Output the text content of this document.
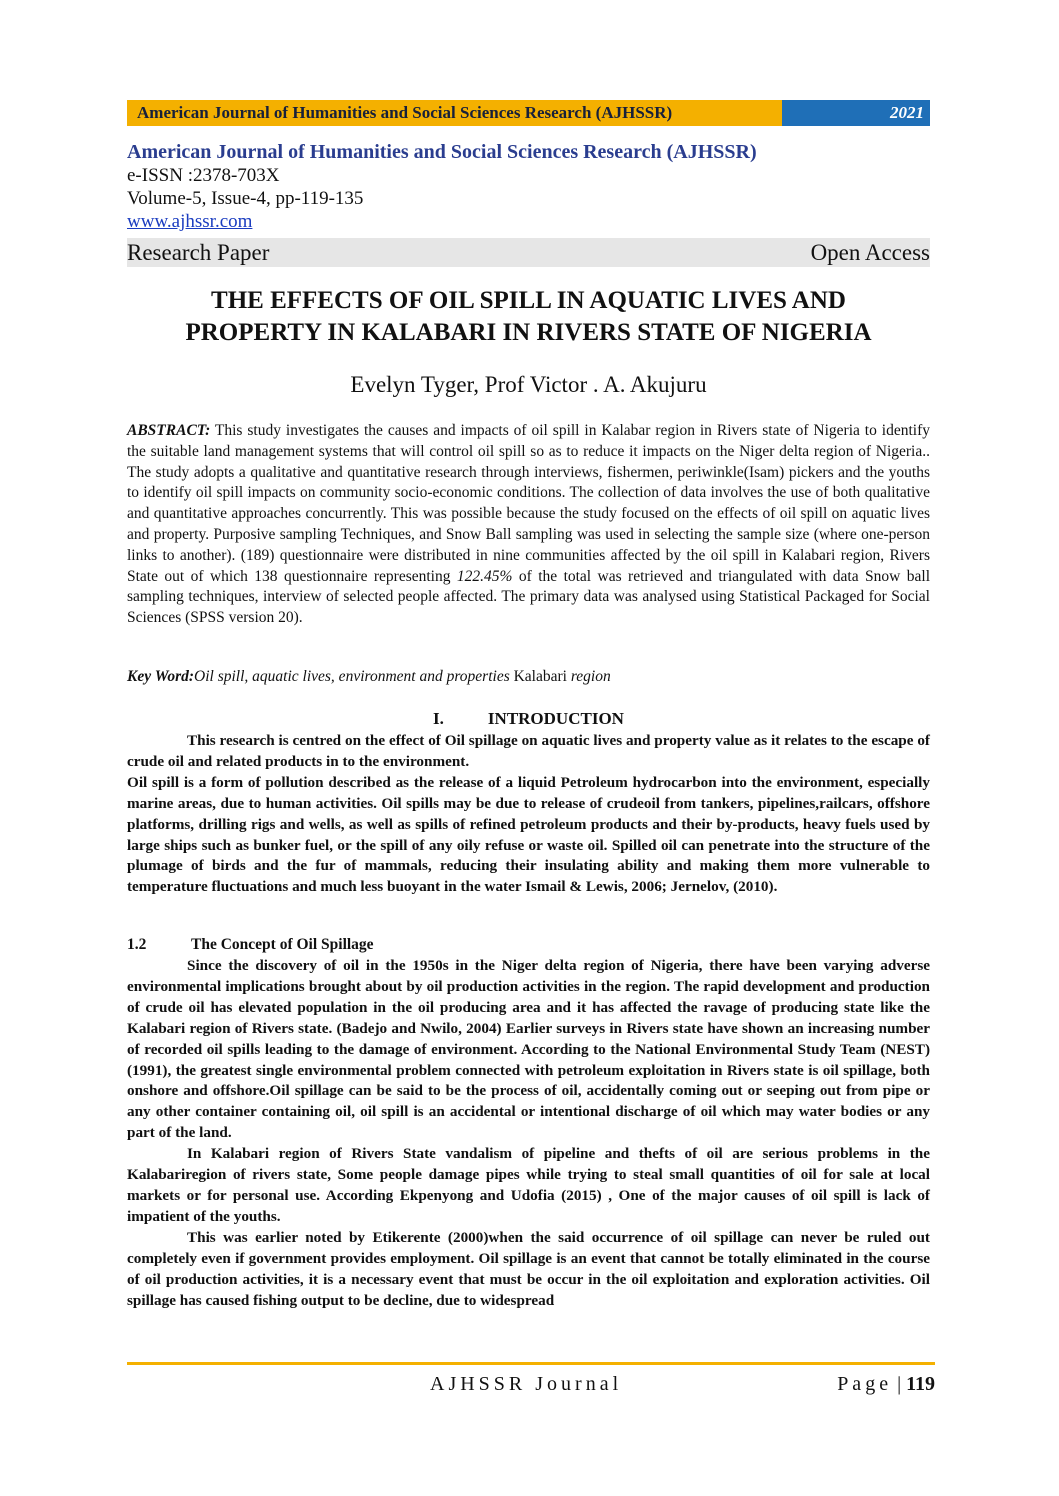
American Journal of Humanities and Social Sciences Research (AJHSSR)	2021
American Journal of Humanities and Social Sciences Research (AJHSSR)
e-ISSN :2378-703X
Volume-5, Issue-4, pp-119-135
www.ajhssr.com
Research Paper	Open Access
THE EFFECTS OF OIL SPILL IN AQUATIC LIVES AND
PROPERTY IN KALABARI IN RIVERS STATE OF NIGERIA
Evelyn Tyger, Prof Victor . A. Akujuru
ABSTRACT: This study investigates the causes and impacts of oil spill in Kalabar region in Rivers state of Nigeria to identify the suitable land management systems that will control oil spill so as to reduce it impacts on the Niger delta region of Nigeria.. The study adopts a qualitative and quantitative research through interviews, fishermen, periwinkle(Isam) pickers and the youths to identify oil spill impacts on community socio-economic conditions. The collection of data involves the use of both qualitative and quantitative approaches concurrently. This was possible because the study focused on the effects of oil spill on aquatic lives and property. Purposive sampling Techniques, and Snow Ball sampling was used in selecting the sample size (where one-person links to another). (189) questionnaire were distributed in nine communities affected by the oil spill in Kalabari region, Rivers State out of which 138 questionnaire representing 122.45% of the total was retrieved and triangulated with data Snow ball sampling techniques, interview of selected people affected. The primary data was analysed using Statistical Packaged for Social Sciences (SPSS version 20).
Key Word:Oil spill, aquatic lives, environment and properties Kalabari region
I.	INTRODUCTION

This research is centred on the effect of Oil spillage on aquatic lives and property value as it relates to the escape of crude oil and related products in to the environment.

Oil spill is a form of pollution described as the release of a liquid Petroleum hydrocarbon into the environment, especially marine areas, due to human activities. Oil spills may be due to release of crudeoil from tankers, pipelines,railcars, offshore platforms, drilling rigs and wells, as well as spills of refined petroleum products and their by-products, heavy fuels used by large ships such as bunker fuel, or the spill of any oily refuse or waste oil. Spilled oil can penetrate into the structure of the plumage of birds and the fur of mammals, reducing their insulating ability and making them more vulnerable to temperature fluctuations and much less buoyant in the water Ismail & Lewis, 2006; Jernelov, (2010).

1.2	The Concept of Oil Spillage

Since the discovery of oil in the 1950s in the Niger delta region of Nigeria, there have been varying adverse environmental implications brought about by oil production activities in the region. The rapid development and production of crude oil has elevated population in the oil producing area and it has affected the ravage of producing state like the Kalabari region of Rivers state. (Badejo and Nwilo, 2004) Earlier surveys in Rivers state have shown an increasing number of recorded oil spills leading to the damage of environment. According to the National Environmental Study Team (NEST) (1991), the greatest single environmental problem connected with petroleum exploitation in Rivers state is oil spillage, both onshore and offshore.Oil spillage can be said to be the process of oil, accidentally coming out or seeping out from pipe or any other container containing oil, oil spill is an accidental or intentional discharge of oil which may water bodies or any part of the land.

In Kalabari region of Rivers State vandalism of pipeline and thefts of oil are serious problems in the Kalabariregion of rivers state, Some people damage pipes while trying to steal small quantities of oil for sale at local markets or for personal use. According Ekpenyong and Udofia (2015) , One of the major causes of oil spill is lack of impatient of the youths.

This was earlier noted by Etikerente (2000)when the said occurrence of oil spillage can never be ruled out completely even if government provides employment. Oil spillage is an event that cannot be totally eliminated in the course of oil production activities, it is a necessary event that must be occur in the oil exploitation and exploration activities. Oil spillage has caused fishing output to be decline, due to widespread

AJHSSR Journal	Page | 119
